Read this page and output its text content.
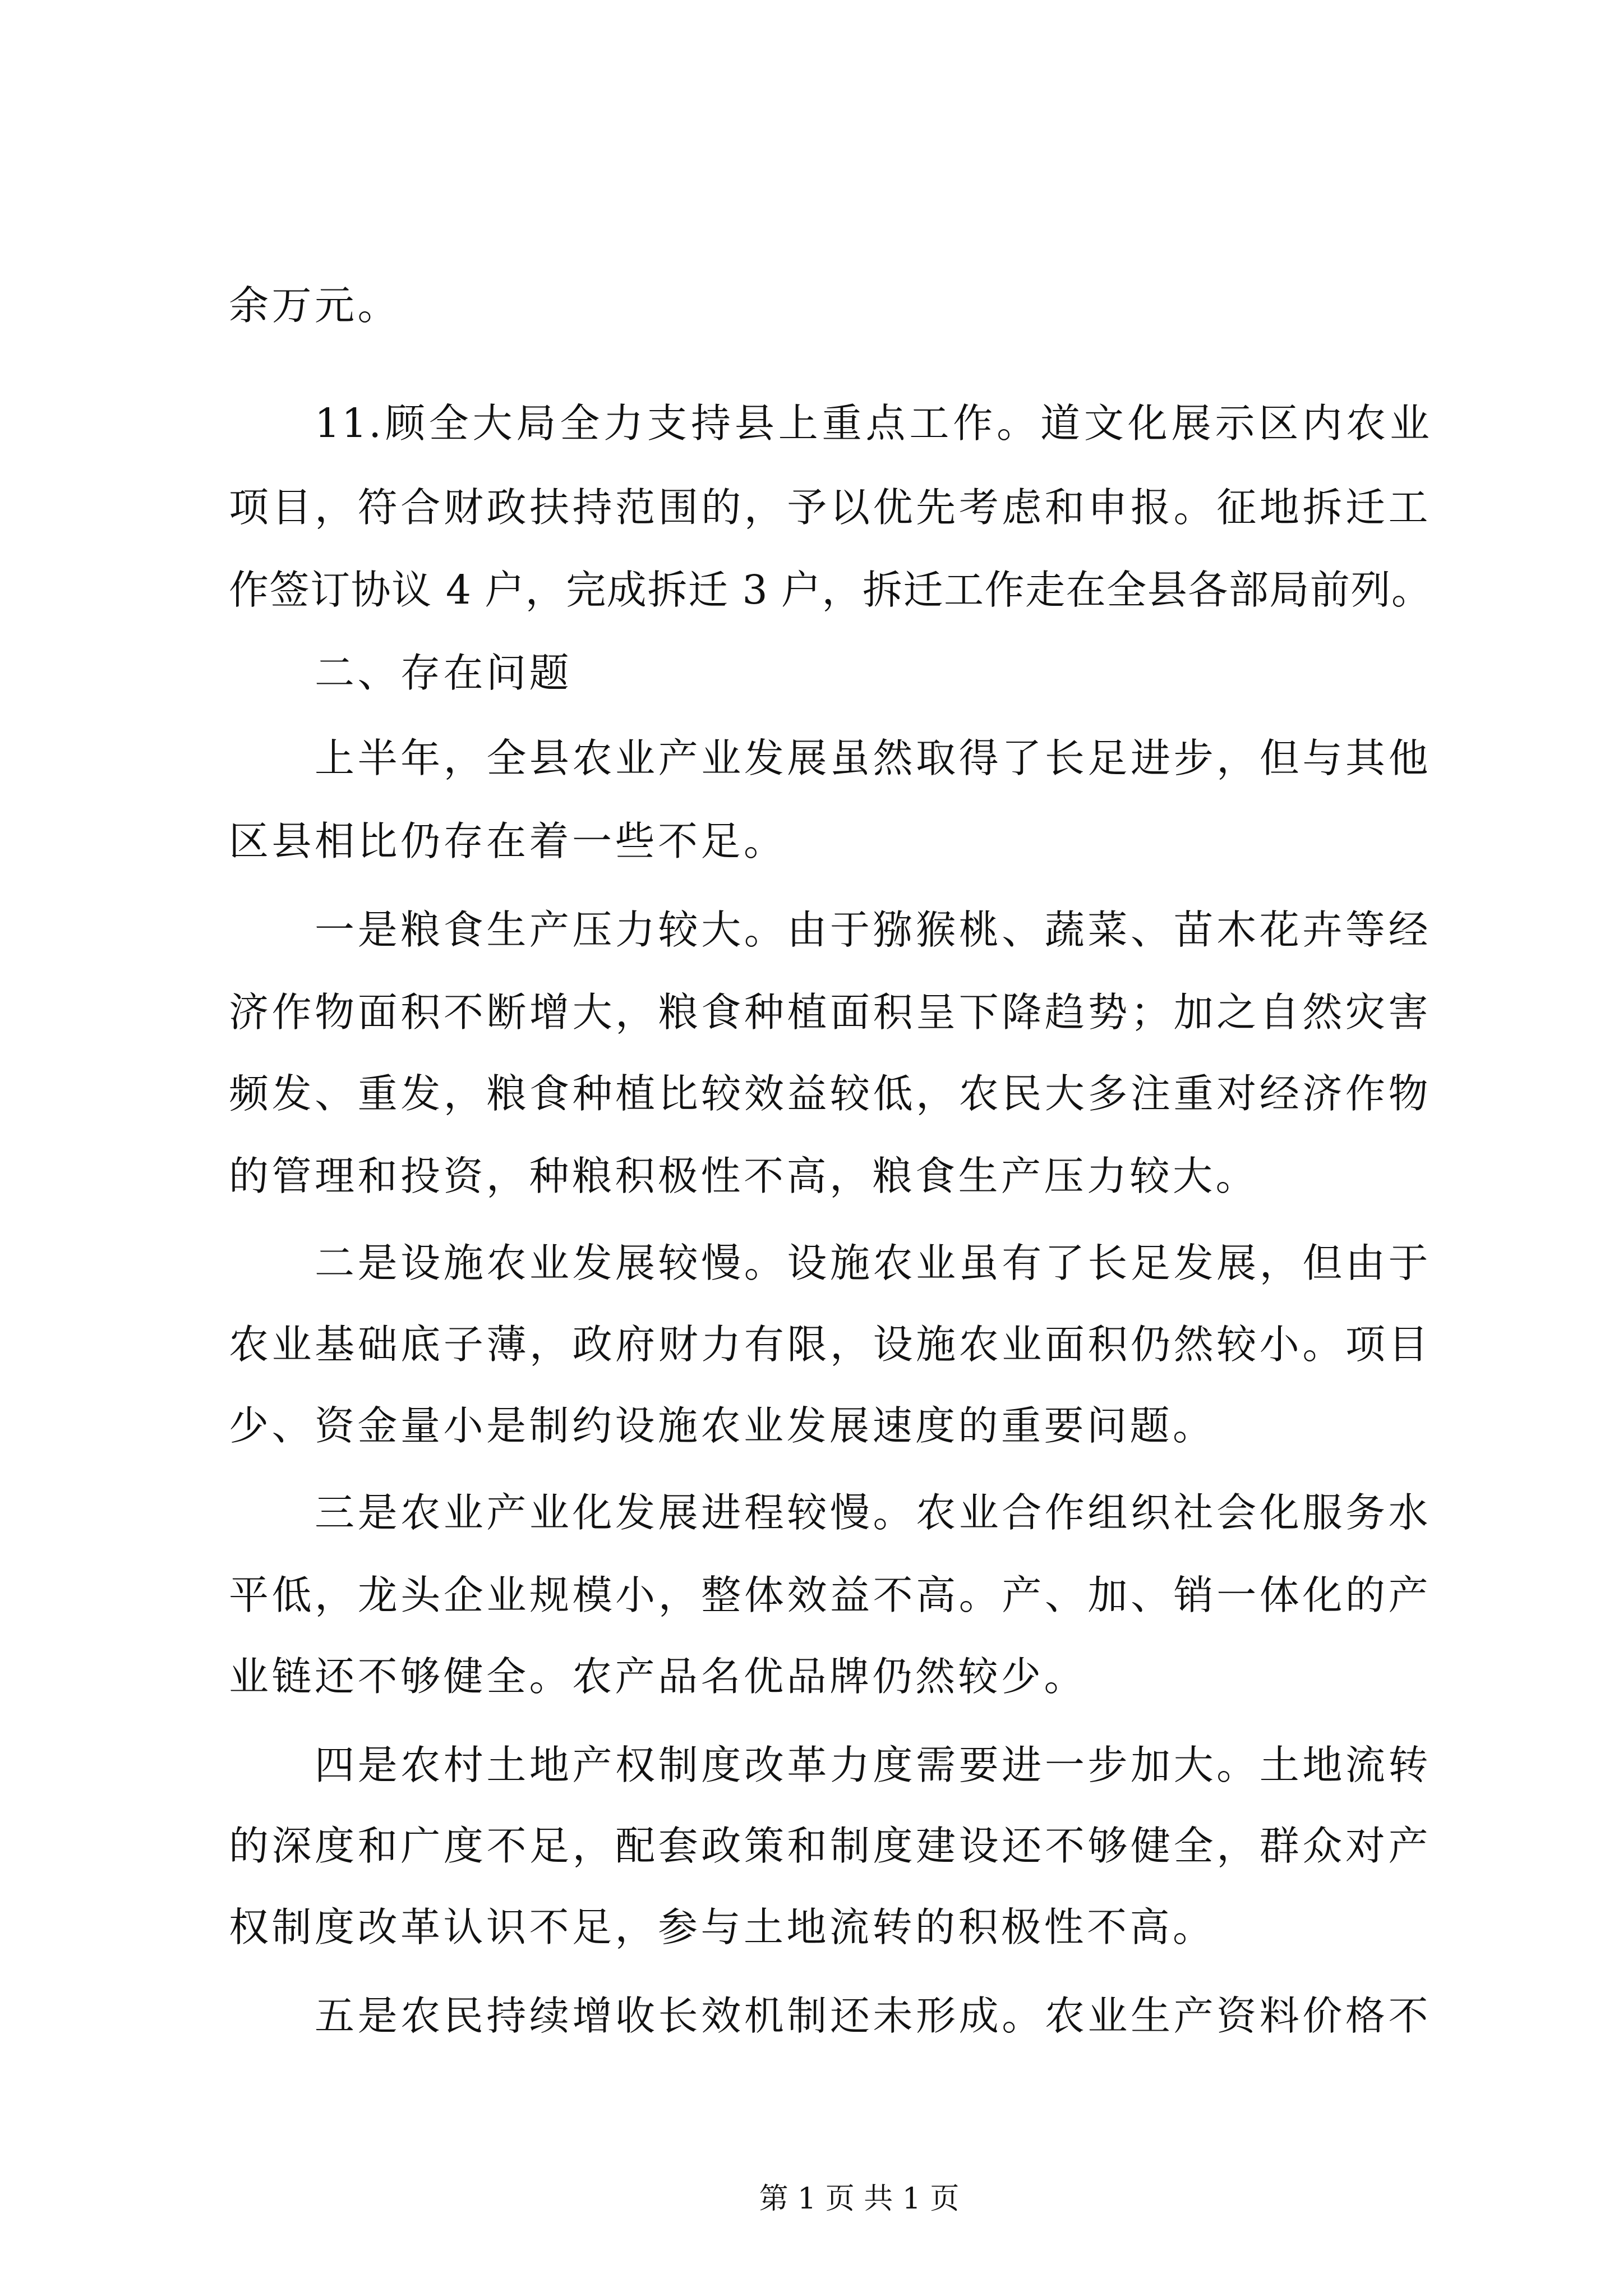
余万元。
11.顾全大局全力支持县上重点工作。道文化展示区内农业
项目，符合财政扶持范围的，予以优先考虑和申报。征地拆迁工
作签订协议 4 户，完成拆迁 3 户，拆迁工作走在全县各部局前列。
二、存在问题
上半年，全县农业产业发展虽然取得了长足进步，但与其他
区县相比仍存在着一些不足。
一是粮食生产压力较大。由于猕猴桃、蔬菜、苗木花卉等经
济作物面积不断增大，粮食种植面积呈下降趋势；加之自然灾害
频发、重发，粮食种植比较效益较低，农民大多注重对经济作物
的管理和投资，种粮积极性不高，粮食生产压力较大。
二是设施农业发展较慢。设施农业虽有了长足发展，但由于
农业基础底子薄，政府财力有限，设施农业面积仍然较小。项目
少、资金量小是制约设施农业发展速度的重要问题。
三是农业产业化发展进程较慢。农业合作组织社会化服务水
平低，龙头企业规模小，整体效益不高。产、加、销一体化的产
业链还不够健全。农产品名优品牌仍然较少。
四是农村土地产权制度改革力度需要进一步加大。土地流转
的深度和广度不足，配套政策和制度建设还不够健全，群众对产
权制度改革认识不足，参与土地流转的积极性不高。
五是农民持续增收长效机制还未形成。农业生产资料价格不
第 1 页 共 1 页
